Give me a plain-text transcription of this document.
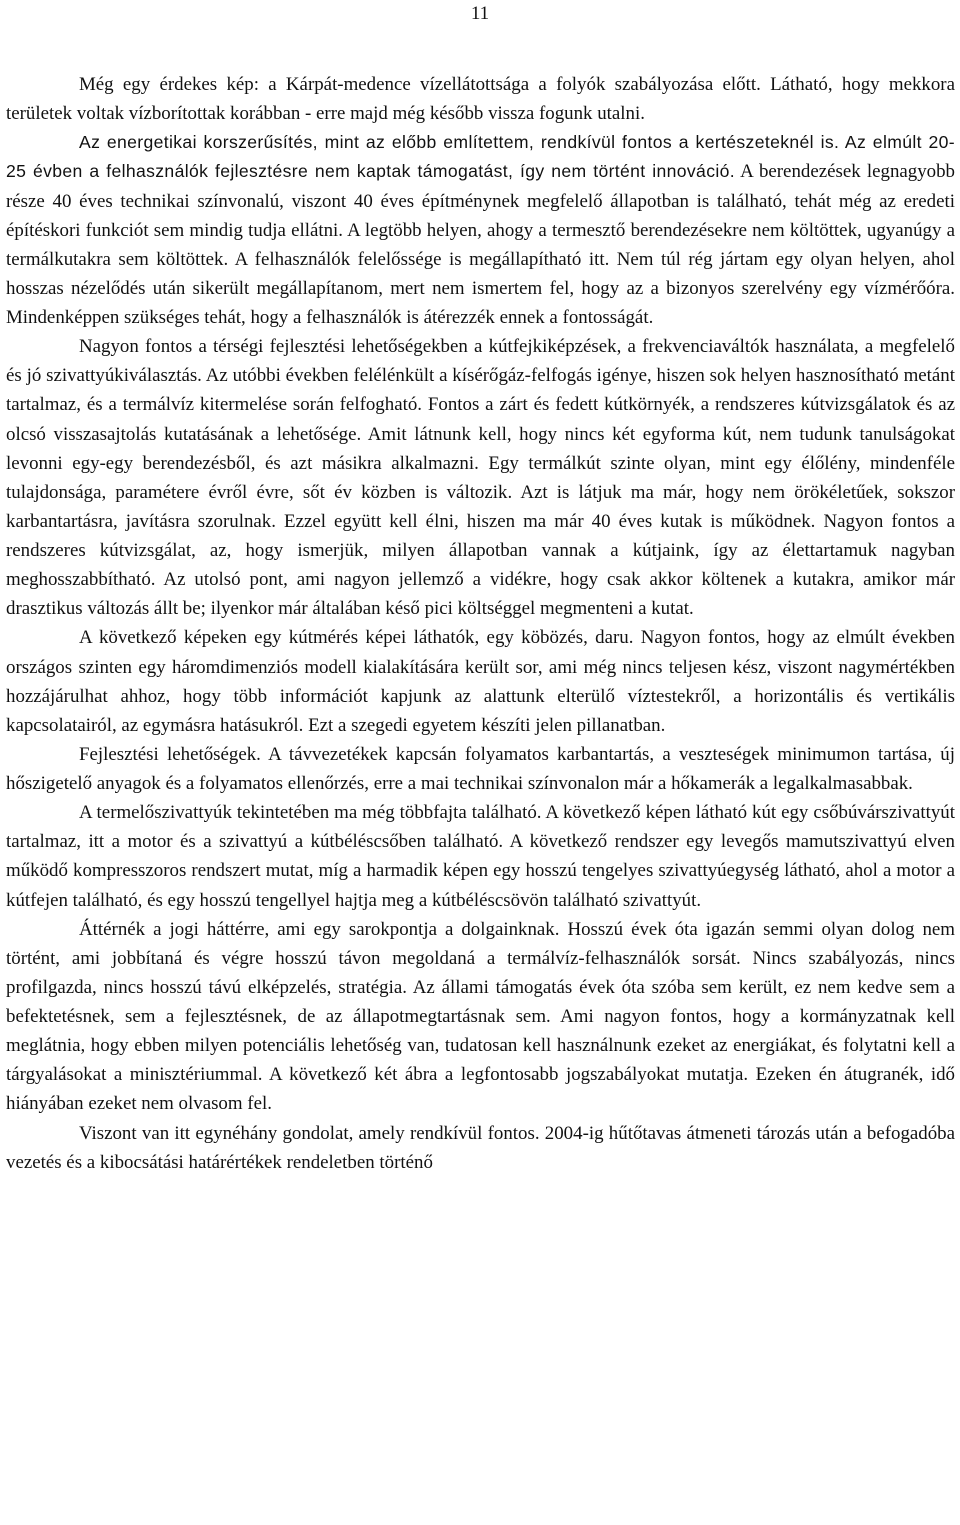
11

Még egy érdekes kép: a Kárpát-medence vízellátottsága a folyók szabályozása előtt. Látható, hogy mekkora területek voltak vízborítottak korábban - erre majd még később vissza fogunk utalni.

Az energetikai korszerűsítés, mint az előbb említettem, rendkívül fontos a kertészeteknél is. Az elmúlt 20-25 évben a felhasználók fejlesztésre nem kaptak támogatást, így nem történt innováció. A berendezések legnagyobb része 40 éves technikai színvonalú, viszont 40 éves építménynek megfelelő állapotban is található, tehát még az eredeti építéskori funkciót sem mindig tudja ellátni. A legtöbb helyen, ahogy a termesztő berendezésekre nem költöttek, ugyanúgy a termálkutakra sem költöttek. A felhasználók felelőssége is megállapítható itt. Nem túl rég jártam egy olyan helyen, ahol hosszas nézelődés után sikerült megállapítanom, mert nem ismertem fel, hogy az a bizonyos szerelvény egy vízmérőóra. Mindenképpen szükséges tehát, hogy a felhasználók is átérezzék ennek a fontosságát.

Nagyon fontos a térségi fejlesztési lehetőségekben a kútfejkiképzések, a frekvenciaváltók használata, a megfelelő és jó szivattyúkiválasztás. Az utóbbi években felélénkült a kísérőgáz-felfogás igénye, hiszen sok helyen hasznosítható metánt tartalmaz, és a termálvíz kitermelése során felfogható. Fontos a zárt és fedett kútkörnyék, a rendszeres kútvizsgálatok és az olcsó visszasajtolás kutatásának a lehetősége. Amit látnunk kell, hogy nincs két egyforma kút, nem tudunk tanulságokat levonni egy-egy berendezésből, és azt másikra alkalmazni. Egy termálkút szinte olyan, mint egy élőlény, mindenféle tulajdonsága, paramétere évről évre, sőt év közben is változik. Azt is látjuk ma már, hogy nem örökéletűek, sokszor karbantartásra, javításra szorulnak. Ezzel együtt kell élni, hiszen ma már 40 éves kutak is működnek. Nagyon fontos a rendszeres kútvizsgálat, az, hogy ismerjük, milyen állapotban vannak a kútjaink, így az élettartamuk nagyban meghosszabbítható. Az utolsó pont, ami nagyon jellemző a vidékre, hogy csak akkor költenek a kutakra, amikor már drasztikus változás állt be; ilyenkor már általában késő pici költséggel megmenteni a kutat.

A következő képeken egy kútmérés képei láthatók, egy köbözés, daru. Nagyon fontos, hogy az elmúlt években országos szinten egy háromdimenziós modell kialakítására került sor, ami még nincs teljesen kész, viszont nagymértékben hozzájárulhat ahhoz, hogy több információt kapjunk az alattunk elterülő víztestekről, a horizontális és vertikális kapcsolatairól, az egymásra hatásukról. Ezt a szegedi egyetem készíti jelen pillanatban.

Fejlesztési lehetőségek. A távvezetékek kapcsán folyamatos karbantartás, a veszteségek minimumon tartása, új hőszigetelő anyagok és a folyamatos ellenőrzés, erre a mai technikai színvonalon már a hőkamerák a legalkalmasabbak.

A termelőszivattyúk tekintetében ma még többfajta található. A következő képen látható kút egy csőbúvárszivattyút tartalmaz, itt a motor és a szivattyú a kútbéléscsőben található. A következő rendszer egy levegős mamutszivattyú elven működő kompresszoros rendszert mutat, míg a harmadik képen egy hosszú tengelyes szivattyúegység látható, ahol a motor a kútfejen található, és egy hosszú tengellyel hajtja meg a kútbéléscsövön található szivattyút.

Áttérnék a jogi háttérre, ami egy sarokpontja a dolgainknak. Hosszú évek óta igazán semmi olyan dolog nem történt, ami jobbítaná és végre hosszú távon megoldaná a termálvíz-felhasználók sorsát. Nincs szabályozás, nincs profilgazda, nincs hosszú távú elképzelés, stratégia. Az állami támogatás évek óta szóba sem került, ez nem kedve sem a befektetésnek, sem a fejlesztésnek, de az állapotmegtartásnak sem. Ami nagyon fontos, hogy a kormányzatnak kell meglátnia, hogy ebben milyen potenciális lehetőség van, tudatosan kell használnunk ezeket az energiákat, és folytatni kell a tárgyalásokat a minisztériummal. A következő két ábra a legfontosabb jogszabályokat mutatja. Ezeken én átugranék, idő hiányában ezeket nem olvasom fel.

Viszont van itt egynéhány gondolat, amely rendkívül fontos. 2004-ig hűtőtavas átmeneti tározás után a befogadóba vezetés és a kibocsátási határértékek rendeletben történő
